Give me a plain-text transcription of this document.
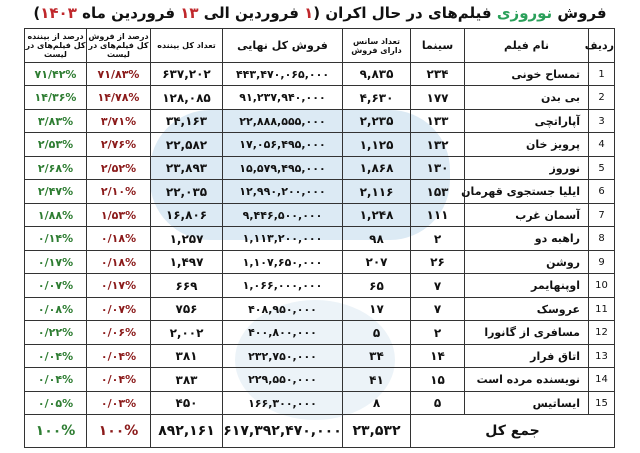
فروش نوروزی فیلم‌های در حال اکران (۱ فروردین الی ۱۳ فروردین ماه ۱۴۰۳)
ردیف	نام فیلم	سینما	تعداد سانس دارای فروش	فروش کل نهایی	تعداد کل بیننده	درصد از فروش کل فیلم‌های در لیست	درصد از بیننده کل فیلم‌های در لیست
1	تمساح خونی	۲۳۴	۹,۸۳۵	۴۴۳,۴۷۰,۰۶۵,۰۰۰	۶۳۷,۲۰۲	۷۱/۸۳%	۷۱/۴۲%
2	بی بدن	۱۷۷	۴,۶۳۰	۹۱,۲۳۷,۹۴۰,۰۰۰	۱۲۸,۰۸۵	۱۴/۷۸%	۱۴/۳۶%
3	آپاراتچی	۱۳۳	۲,۲۳۵	۲۲,۸۸۸,۵۵۵,۰۰۰	۳۴,۱۶۳	۳/۷۱%	۳/۸۳%
4	پرویز خان	۱۳۲	۱,۱۲۵	۱۷,۰۵۶,۴۹۵,۰۰۰	۲۲,۵۸۲	۲/۷۶%	۲/۵۳%
5	نوروز	۱۳۰	۱,۸۶۸	۱۵,۵۷۹,۴۹۵,۰۰۰	۲۳,۸۹۳	۲/۵۲%	۲/۶۸%
6	ایلیا جستجوی قهرمان	۱۵۳	۲,۱۱۶	۱۲,۹۹۰,۲۰۰,۰۰۰	۲۲,۰۳۵	۲/۱۰%	۲/۴۷%
7	آسمان غرب	۱۱۱	۱,۲۴۸	۹,۴۴۶,۵۰۰,۰۰۰	۱۶,۸۰۶	۱/۵۳%	۱/۸۸%
8	راهبه دو	۲	۹۸	۱,۱۱۳,۲۰۰,۰۰۰	۱,۲۵۷	۰/۱۸%	۰/۱۴%
9	روشن	۲۶	۲۰۷	۱,۱۰۷,۶۵۰,۰۰۰	۱,۴۹۷	۰/۱۸%	۰/۱۷%
10	اوپنهایمر	۷	۶۵	۱,۰۶۶,۰۰۰,۰۰۰	۶۶۹	۰/۱۷%	۰/۰۷%
11	عروسک	۷	۱۷	۴۰۸,۹۵۰,۰۰۰	۷۵۶	۰/۰۷%	۰/۰۸%
12	مسافری از گانورا	۲	۵	۴۰۰,۸۰۰,۰۰۰	۲,۰۰۲	۰/۰۶%	۰/۲۲%
13	اتاق فرار	۱۴	۳۴	۲۳۲,۷۵۰,۰۰۰	۳۸۱	۰/۰۴%	۰/۰۴%
14	نویسنده مرده است	۱۵	۴۱	۲۲۹,۵۵۰,۰۰۰	۳۸۳	۰/۰۴%	۰/۰۴%
15	ایساتیس	۵	۸	۱۶۶,۳۰۰,۰۰۰	۴۵۰	۰/۰۳%	۰/۰۵%
جمع کل			۲۳,۵۳۲	۶۱۷,۳۹۲,۴۷۰,۰۰۰	۸۹۲,۱۶۱	۱۰۰%	۱۰۰%
